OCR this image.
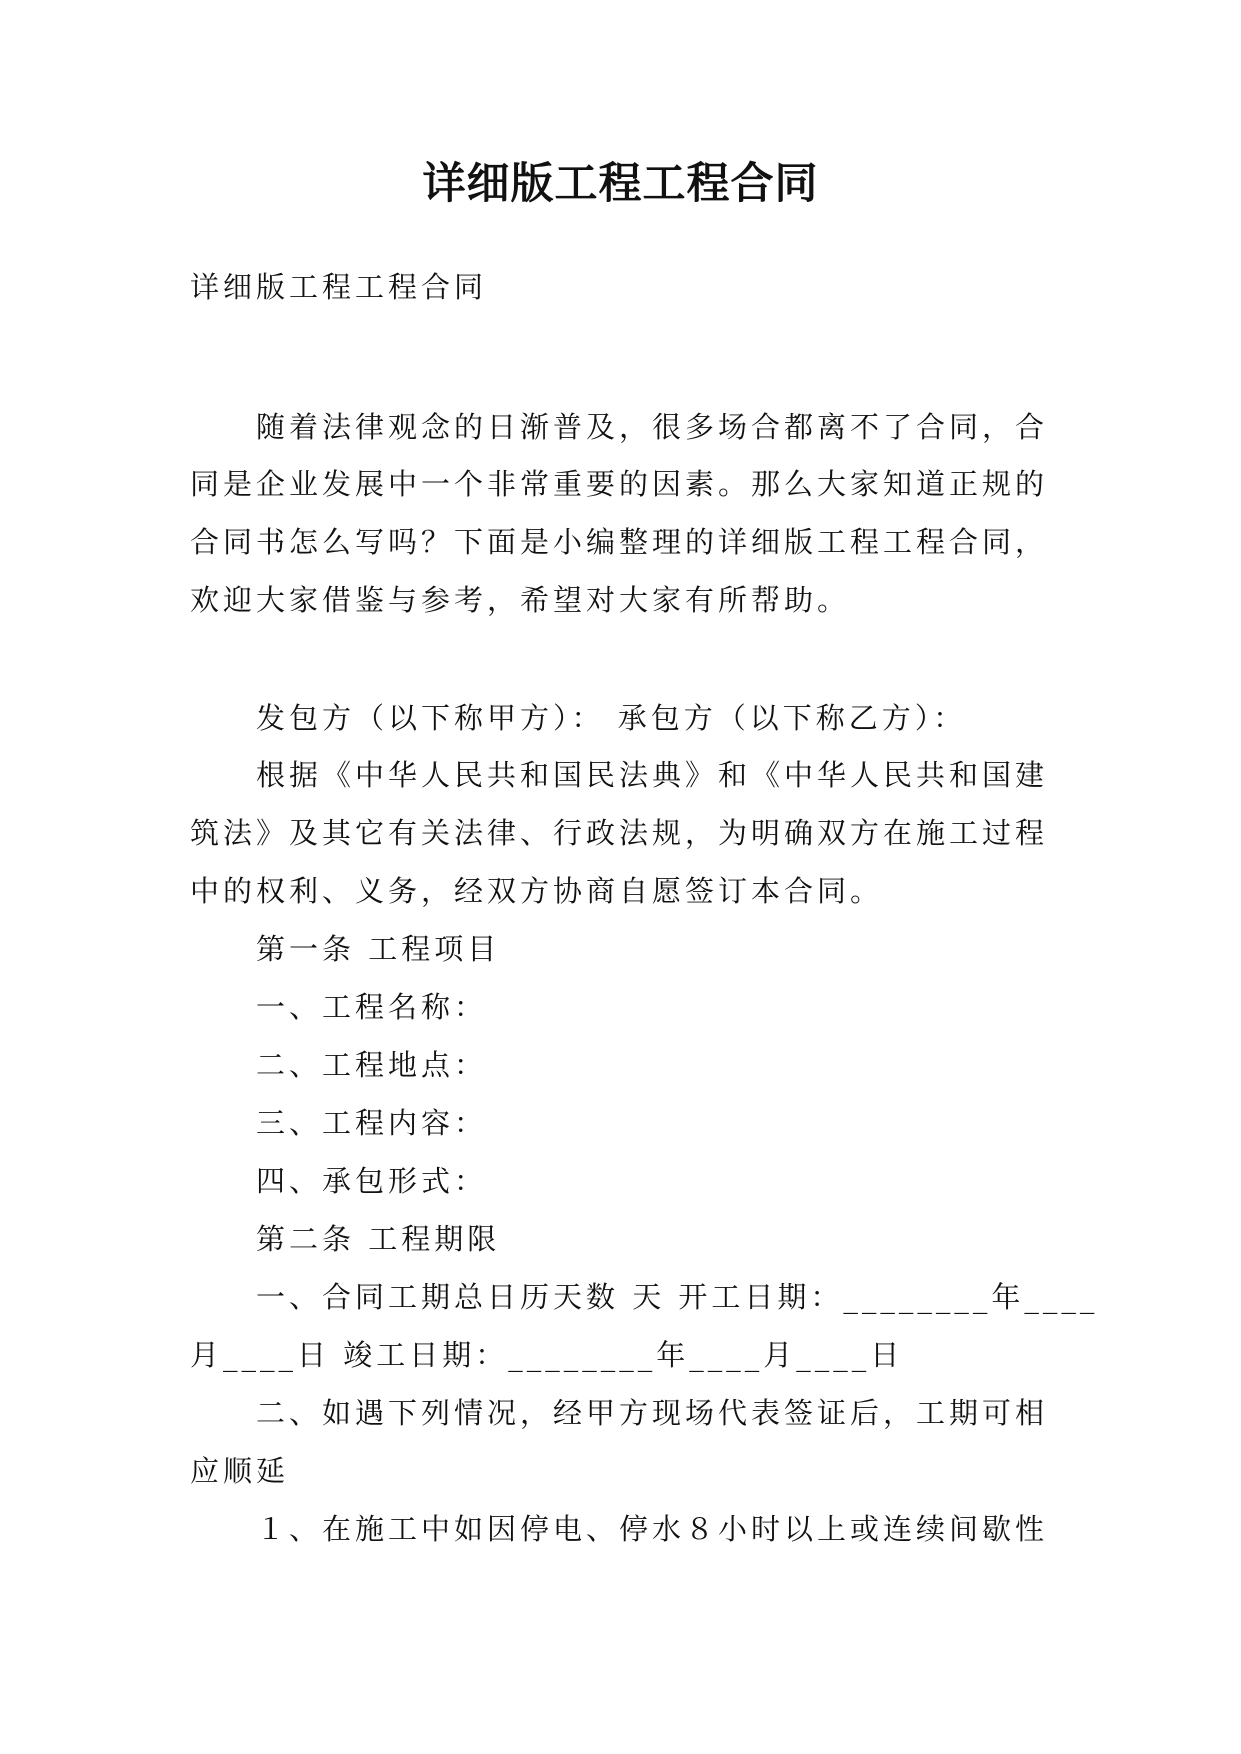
详细版工程工程合同
详细版工程工程合同
随着法律观念的日渐普及，很多场合都离不了合同，合
同是企业发展中一个非常重要的因素。那么大家知道正规的
合同书怎么写吗？下面是小编整理的详细版工程工程合同，
欢迎大家借鉴与参考，希望对大家有所帮助。
发包方（以下称甲方）： 承包方（以下称乙方）：
根据《中华人民共和国民法典》和《中华人民共和国建
筑法》及其它有关法律、行政法规，为明确双方在施工过程
中的权利、义务，经双方协商自愿签订本合同。
第一条 工程项目
一、工程名称：
二、工程地点：
三、工程内容：
四、承包形式：
第二条 工程期限
一、合同工期总日历天数 天 开工日期：________年____
月____日 竣工日期：________年____月____日
二、如遇下列情况，经甲方现场代表签证后，工期可相
应顺延
１、在施工中如因停电、停水８小时以上或连续间歇性
